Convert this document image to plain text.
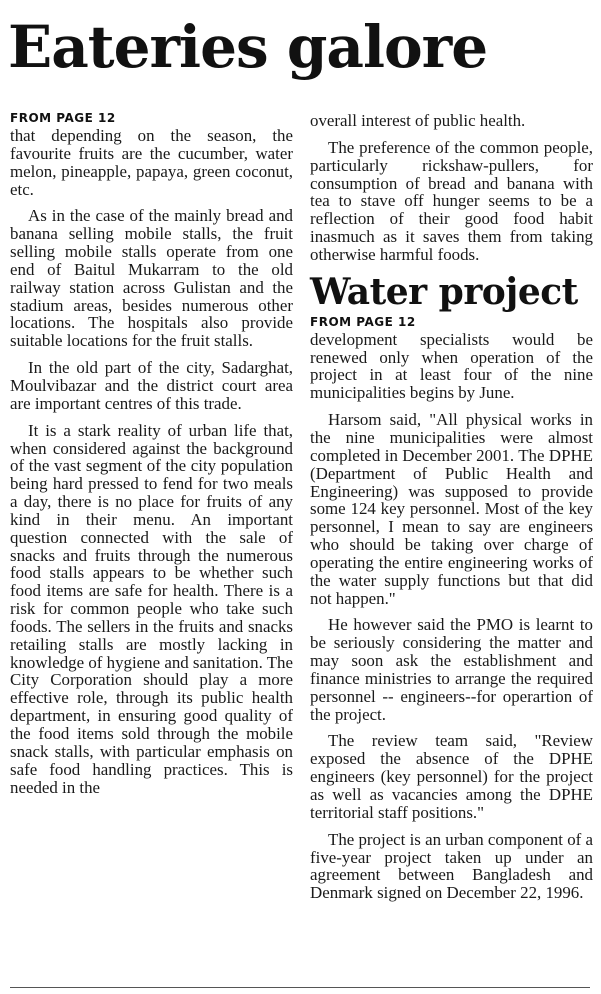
Eateries galore
FROM PAGE 12

that depending on the season, the favourite fruits are the cucumber, water melon, pineapple, papaya, green coconut, etc.

As in the case of the mainly bread and banana selling mobile stalls, the fruit selling mobile stalls operate from one end of Baitul Mukarram to the old railway station across Gulistan and the stadium areas, besides numerous other locations. The hospitals also provide suitable locations for the fruit stalls.

In the old part of the city, Sadarghat, Moulvibazar and the district court area are important centres of this trade.

It is a stark reality of urban life that, when considered against the background of the vast segment of the city population being hard pressed to fend for two meals a day, there is no place for fruits of any kind in their menu. An important question connected with the sale of snacks and fruits through the numerous food stalls appears to be whether such food items are safe for health. There is a risk for common people who take such foods. The sellers in the fruits and snacks retailing stalls are mostly lacking in knowledge of hygiene and sanitation. The City Corporation should play a more effective role, through its public health department, in ensuring good quality of the food items sold through the mobile snack stalls, with particular emphasis on safe food handling practices. This is needed in the

overall interest of public health.

The preference of the common people, particularly rickshaw-pullers, for consumption of bread and banana with tea to stave off hunger seems to be a reflection of their good food habit inasmuch as it saves them from taking otherwise harmful foods.

Water project
FROM PAGE 12

development specialists would be renewed only when operation of the project in at least four of the nine municipalities begins by June.

Harsom said, "All physical works in the nine municipalities were almost completed in December 2001. The DPHE (Department of Public Health and Engineering) was supposed to provide some 124 key personnel. Most of the key personnel, I mean to say are engineers who should be taking over charge of operating the entire engineering works of the water supply functions but that did not happen."

He however said the PMO is learnt to be seriously considering the matter and may soon ask the establishment and finance ministries to arrange the required personnel -- engineers--for operartion of the project.

The review team said, "Review exposed the absence of the DPHE engineers (key personnel) for the project as well as vacancies among the DPHE territorial staff positions."

The project is an urban component of a five-year project taken up under an agreement between Bangladesh and Denmark signed on December 22, 1996.
